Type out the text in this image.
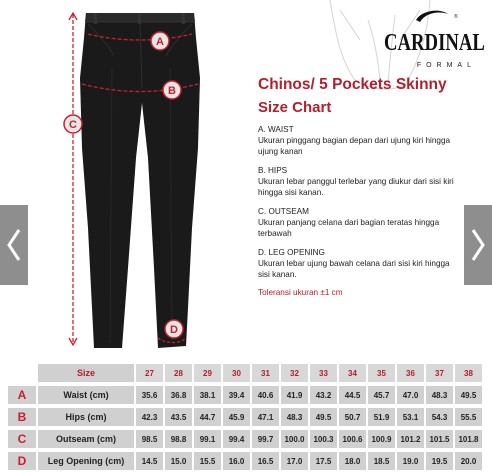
A
B
C
D
®
CARDINAL
FORMAL
Chinos/ 5 Pockets Skinny
Size Chart
A. WAIST
Ukuran pinggang bagian depan dari ujung kiri hingga ujung kanan
B. HIPS
Ukuran lebar panggul terlebar yang diukur dari sisi kiri hingga sisi kanan.
C. OUTSEAM
Ukuran panjang celana dari bagian teratas hingga terbawah
D. LEG OPENING
Ukuran lebar ujung bawah celana dari sisi kiri hingga sisi kanan.
Toleransi ukuran ±1 cm
Size	27	28	29	30	31	32	33	34	35	36	37	38
A	Waist (cm)	35.6	36.8	38.1	39.4	40.6	41.9	43.2	44.5	45.7	47.0	48.3	49.5
B	Hips (cm)	42.3	43.5	44.7	45.9	47.1	48.3	49.5	50.7	51.9	53.1	54.3	55.5
C	Outseam (cm)	98.5	98.8	99.1	99.4	99.7	100.0	100.3	100.6	100.9	101.2	101.5	101.8
D	Leg Opening (cm)	14.5	15.0	15.5	16.0	16.5	17.0	17.5	18.0	18.5	19.0	19.5	20.0
